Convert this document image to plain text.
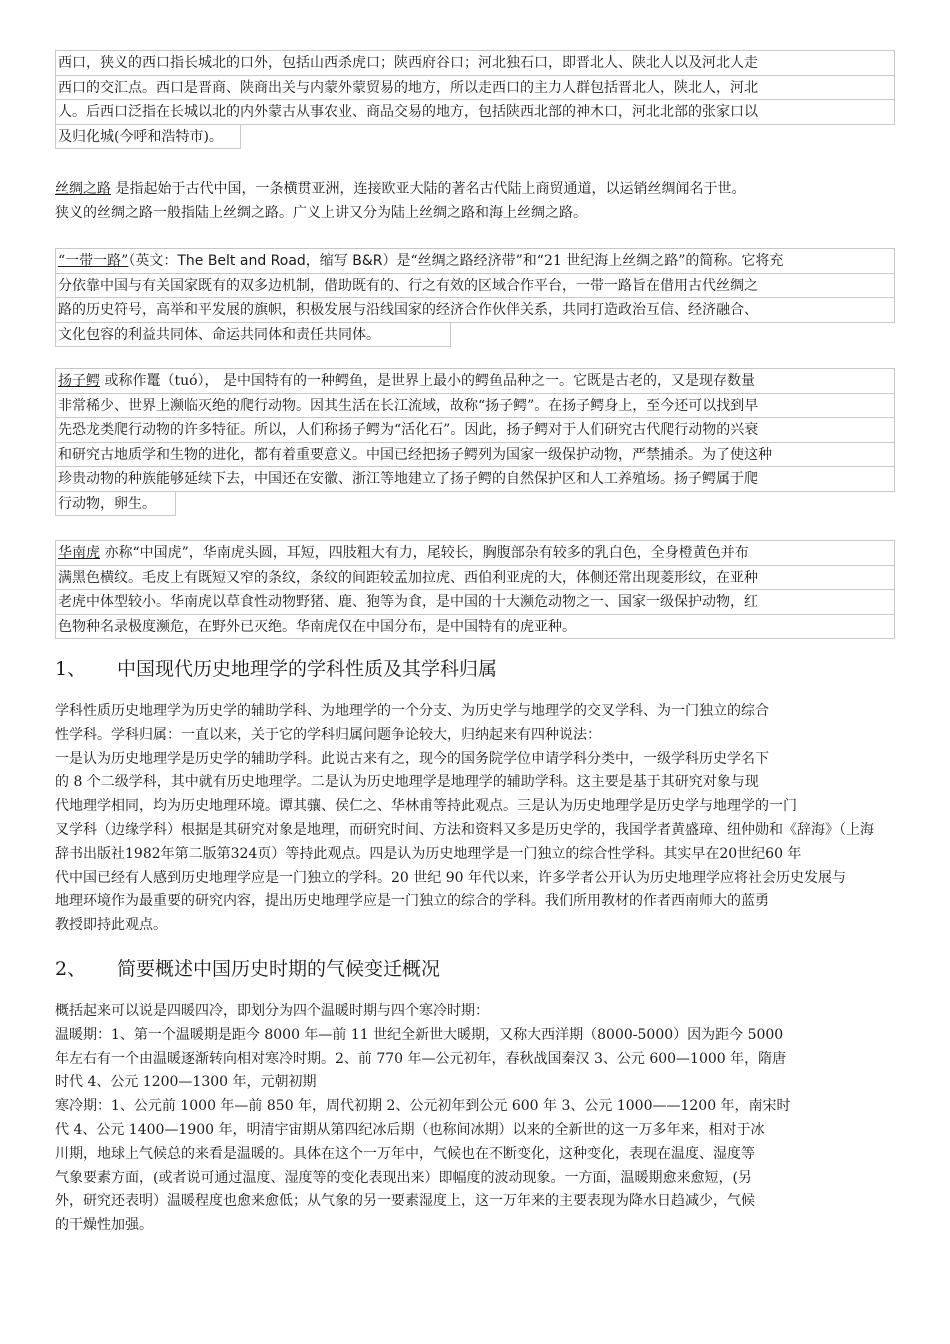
西口，狭义的西口指长城北的口外，包括山西杀虎口；陕西府谷口；河北独石口，即晋北人、陕北人以及河北人走
西口的交汇点。西口是晋商、陕商出关与内蒙外蒙贸易的地方，所以走西口的主力人群包括晋北人，陕北人，河北
人。后西口泛指在长城以北的内外蒙古从事农业、商品交易的地方，包括陕西北部的神木口，河北北部的张家口以
及归化城(今呼和浩特市)。
丝绸之路 是指起始于古代中国，一条横贯亚洲，连接欧亚大陆的著名古代陆上商贸通道，以运销丝绸闻名于世。
狭义的丝绸之路一般指陆上丝绸之路。广义上讲又分为陆上丝绸之路和海上丝绸之路。
“一带一路”（英文：The Belt and Road，缩写 B&R）是“丝绸之路经济带”和“21 世纪海上丝绸之路”的简称。它将充
分依靠中国与有关国家既有的双多边机制，借助既有的、行之有效的区域合作平台，一带一路旨在借用古代丝绸之
路的历史符号，高举和平发展的旗帜，积极发展与沿线国家的经济合作伙伴关系，共同打造政治互信、经济融合、
文化包容的利益共同体、命运共同体和责任共同体。
扬子鳄 或称作鼍（tuó）， 是中国特有的一种鳄鱼，是世界上最小的鳄鱼品种之一。它既是古老的，又是现存数量
非常稀少、世界上濒临灭绝的爬行动物。因其生活在长江流域，故称“扬子鳄”。在扬子鳄身上，至今还可以找到早
先恐龙类爬行动物的许多特征。所以，人们称扬子鳄为“活化石”。因此，扬子鳄对于人们研究古代爬行动物的兴衰
和研究古地质学和生物的进化，都有着重要意义。中国已经把扬子鳄列为国家一级保护动物，严禁捕杀。为了使这种
珍贵动物的种族能够延续下去，中国还在安徽、浙江等地建立了扬子鳄的自然保护区和人工养殖场。扬子鳄属于爬
行动物，卵生。
华南虎 亦称“中国虎”，华南虎头圆，耳短，四肢粗大有力，尾较长，胸腹部杂有较多的乳白色，全身橙黄色并布
满黑色横纹。毛皮上有既短又窄的条纹，条纹的间距较孟加拉虎、西伯利亚虎的大，体侧还常出现菱形纹，在亚种
老虎中体型较小。华南虎以草食性动物野猪、鹿、狍等为食，是中国的十大濒危动物之一、国家一级保护动物，红
色物种名录极度濒危，在野外已灭绝。华南虎仅在中国分布，是中国特有的虎亚种。
1、 中国现代历史地理学的学科性质及其学科归属
学科性质历史地理学为历史学的辅助学科、为地理学的一个分支、为历史学与地理学的交叉学科、为一门独立的综合
性学科。学科归属：一直以来，关于它的学科归属问题争论较大，归纳起来有四种说法：
一是认为历史地理学是历史学的辅助学科。此说古来有之，现今的国务院学位申请学科分类中，一级学科历史学名下
的 8 个二级学科，其中就有历史地理学。二是认为历史地理学是地理学的辅助学科。这主要是基于其研究对象与现
代地理学相同，均为历史地理环境。谭其骧、侯仁之、华林甫等持此观点。三是认为历史地理学是历史学与地理学的一门
叉学科（边缘学科）根据是其研究对象是地理，而研究时间、方法和资料又多是历史学的，我国学者黄盛璋、纽仲勋和《辞海》（上海
辞书出版社1982年第二版第324页）等持此观点。四是认为历史地理学是一门独立的综合性学科。其实早在20世纪60 年
代中国已经有人感到历史地理学应是一门独立的学科。20 世纪 90 年代以来，许多学者公开认为历史地理学应将社会历史发展与
地理环境作为最重要的研究内容，提出历史地理学应是一门独立的综合的学科。我们所用教材的作者西南师大的蓝勇
教授即持此观点。
2、 简要概述中国历史时期的气候变迁概况
概括起来可以说是四暖四冷，即划分为四个温暖时期与四个寒冷时期：
温暖期：1、第一个温暖期是距今 8000 年—前 11 世纪全新世大暖期，又称大西洋期（8000-5000）因为距今 5000
年左右有一个由温暖逐渐转向相对寒冷时期。2、前 770 年—公元初年，春秋战国秦汉 3、公元 600—1000 年，隋唐
时代 4、公元 1200—1300 年，元朝初期
寒冷期：1、公元前 1000 年—前 850 年，周代初期 2、公元初年到公元 600 年 3、公元 1000——1200 年，南宋时
代 4、公元 1400—1900 年，明清宇宙期从第四纪冰后期（也称间冰期）以来的全新世的这一万多年来，相对于冰
川期，地球上气候总的来看是温暖的。具体在这个一万年中，气候也在不断变化，这种变化，表现在温度、湿度等
气象要素方面，(或者说可通过温度、湿度等的变化表现出来）即幅度的波动现象。一方面，温暖期愈来愈短，(另
外，研究还表明）温暖程度也愈来愈低；从气象的另一要素湿度上，这一万年来的主要表现为降水日趋减少，气候
的干燥性加强。
